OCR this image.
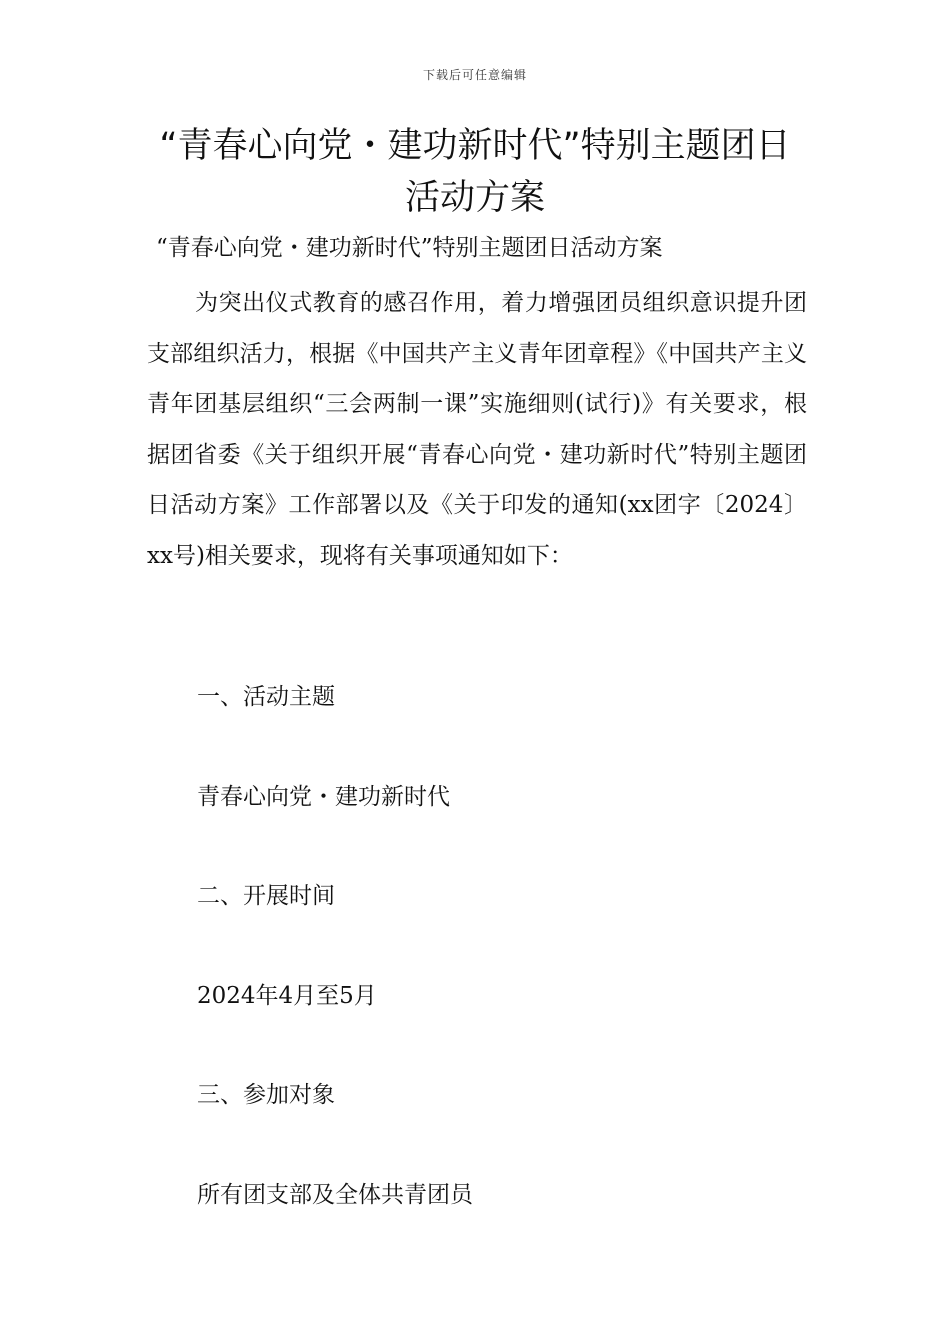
下载后可任意编辑
“青春心向党・建功新时代”特别主题团日活动方案
“青春心向党・建功新时代”特别主题团日活动方案

为突出仪式教育的感召作用，着力增强团员组织意识提升团支部组织活力，根据《中国共产主义青年团章程》《中国共产主义青年团基层组织“三会两制一课”实施细则(试行)》有关要求，根据团省委《关于组织开展“青春心向党・建功新时代”特别主题团日活动方案》工作部署以及《关于印发的通知(xx团字〔2024〕xx号)相关要求，现将有关事项通知如下：

一、活动主题
青春心向党・建功新时代
二、开展时间
2024年4月至5月
三、参加对象
所有团支部及全体共青团员
